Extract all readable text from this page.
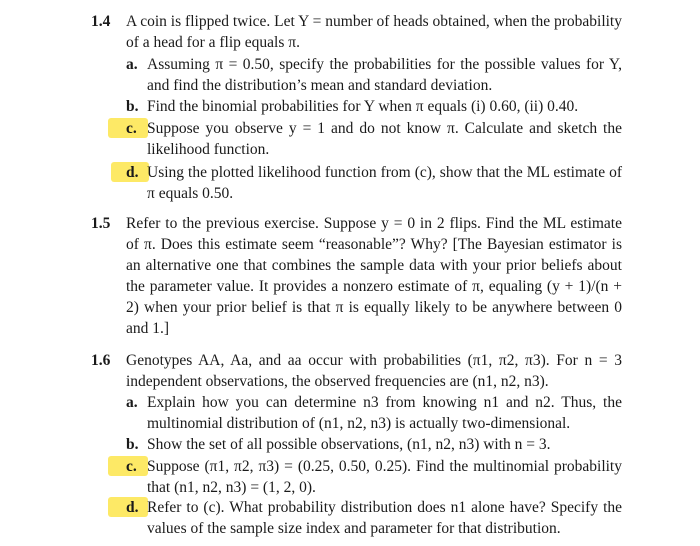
1.4 A coin is flipped twice. Let Y = number of heads obtained, when the probability of a head for a flip equals π.
a. Assuming π = 0.50, specify the probabilities for the possible values for Y, and find the distribution’s mean and standard deviation.
b. Find the binomial probabilities for Y when π equals (i) 0.60, (ii) 0.40.
c. Suppose you observe y = 1 and do not know π. Calculate and sketch the likelihood function.
d. Using the plotted likelihood function from (c), show that the ML estimate of π equals 0.50.
1.5 Refer to the previous exercise. Suppose y = 0 in 2 flips. Find the ML estimate of π. Does this estimate seem “reasonable”? Why? [The Bayesian estimator is an alternative one that combines the sample data with your prior beliefs about the parameter value. It provides a nonzero estimate of π, equaling (y + 1)/(n + 2) when your prior belief is that π is equally likely to be anywhere between 0 and 1.]
1.6 Genotypes AA, Aa, and aa occur with probabilities (π1, π2, π3). For n = 3 independent observations, the observed frequencies are (n1, n2, n3).
a. Explain how you can determine n3 from knowing n1 and n2. Thus, the multinomial distribution of (n1, n2, n3) is actually two-dimensional.
b. Show the set of all possible observations, (n1, n2, n3) with n = 3.
c. Suppose (π1, π2, π3) = (0.25, 0.50, 0.25). Find the multinomial probability that (n1, n2, n3) = (1, 2, 0).
d. Refer to (c). What probability distribution does n1 alone have? Specify the values of the sample size index and parameter for that distribution.
